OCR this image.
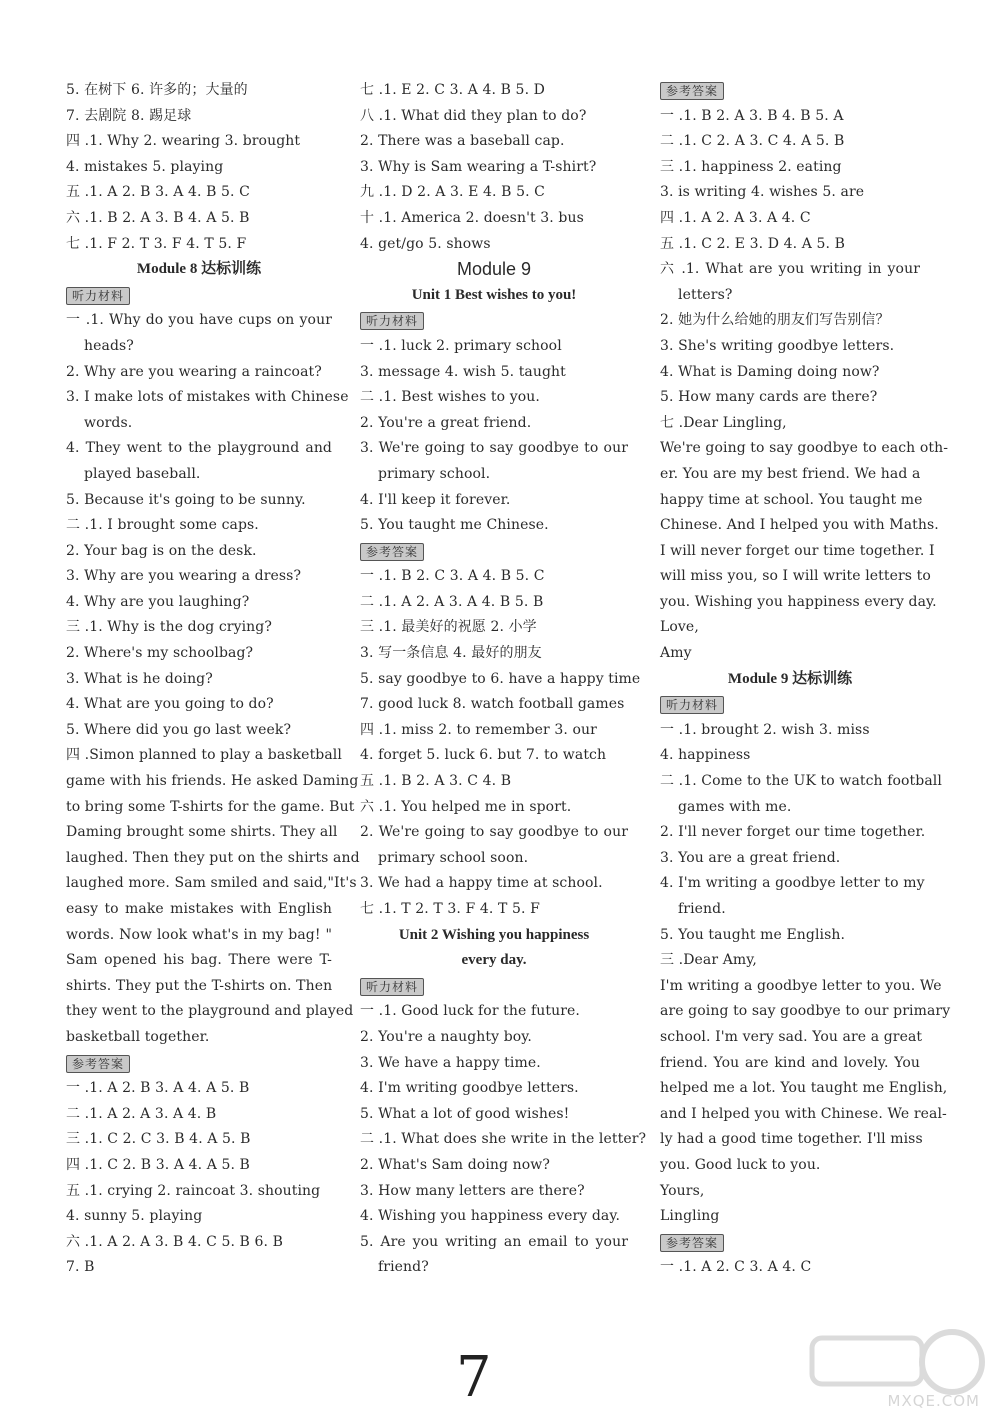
5. 在树下 6. 许多的；大量的
7. 去剧院 8. 踢足球
四 .1. Why 2. wearing 3. brought
4. mistakes 5. playing
五 .1. A 2. B 3. A 4. B 5. C
六 .1. B 2. A 3. B 4. A 5. B
七 .1. F 2. T 3. F 4. T 5. F
Module 8 达标训练
听力材料
一 .1. Why do you have cups on your
heads?
2. Why are you wearing a raincoat?
3. I make lots of mistakes with Chinese
words.
4. They went to the playground and
played baseball.
5. Because it's going to be sunny.
二 .1. I brought some caps.
2. Your bag is on the desk.
3. Why are you wearing a dress?
4. Why are you laughing?
三 .1. Why is the dog crying?
2. Where's my schoolbag?
3. What is he doing?
4. What are you going to do?
5. Where did you go last week?
四 .Simon planned to play a basketball
game with his friends. He asked Daming
to bring some T-shirts for the game. But
Daming brought some shirts. They all
laughed. Then they put on the shirts and
laughed more. Sam smiled and said,"It's
easy to make mistakes with English
words. Now look what's in my bag! "
Sam opened his bag. There were T-
shirts. They put the T-shirts on. Then
they went to the playground and played
basketball together.
参考答案
一 .1. A 2. B 3. A 4. A 5. B
二 .1. A 2. A 3. A 4. B
三 .1. C 2. C 3. B 4. A 5. B
四 .1. C 2. B 3. A 4. A 5. B
五 .1. crying 2. raincoat 3. shouting
4. sunny 5. playing
六 .1. A 2. A 3. B 4. C 5. B 6. B
7. B
七 .1. E 2. C 3. A 4. B 5. D
八 .1. What did they plan to do?
2. There was a baseball cap.
3. Why is Sam wearing a T-shirt?
九 .1. D 2. A 3. E 4. B 5. C
十 .1. America 2. doesn't 3. bus
4. get/go 5. shows
Module 9
Unit 1 Best wishes to you!
听力材料
一 .1. luck 2. primary school
3. message 4. wish 5. taught
二 .1. Best wishes to you.
2. You're a great friend.
3. We're going to say goodbye to our
primary school.
4. I'll keep it forever.
5. You taught me Chinese.
参考答案
一 .1. B 2. C 3. A 4. B 5. C
二 .1. A 2. A 3. A 4. B 5. B
三 .1. 最美好的祝愿 2. 小学
3. 写一条信息 4. 最好的朋友
5. say goodbye to 6. have a happy time
7. good luck 8. watch football games
四 .1. miss 2. to remember 3. our
4. forget 5. luck 6. but 7. to watch
五 .1. B 2. A 3. C 4. B
六 .1. You helped me in sport.
2. We're going to say goodbye to our
primary school soon.
3. We had a happy time at school.
七 .1. T 2. T 3. F 4. T 5. F
Unit 2 Wishing you happiness
every day.
听力材料
一 .1. Good luck for the future.
2. You're a naughty boy.
3. We have a happy time.
4. I'm writing goodbye letters.
5. What a lot of good wishes!
二 .1. What does she write in the letter?
2. What's Sam doing now?
3. How many letters are there?
4. Wishing you happiness every day.
5. Are you writing an email to your
friend?
参考答案
一 .1. B 2. A 3. B 4. B 5. A
二 .1. C 2. A 3. C 4. A 5. B
三 .1. happiness 2. eating
3. is writing 4. wishes 5. are
四 .1. A 2. A 3. A 4. C
五 .1. C 2. E 3. D 4. A 5. B
六 .1. What are you writing in your
letters?
2. 她为什么给她的朋友们写告别信？
3. She's writing goodbye letters.
4. What is Daming doing now?
5. How many cards are there?
七 .Dear Lingling,
We're going to say goodbye to each oth-
er. You are my best friend. We had a
happy time at school. You taught me
Chinese. And I helped you with Maths.
I will never forget our time together. I
will miss you, so I will write letters to
you. Wishing you happiness every day.
Love,
Amy
Module 9 达标训练
听力材料
一 .1. brought 2. wish 3. miss
4. happiness
二 .1. Come to the UK to watch football
games with me.
2. I'll never forget our time together.
3. You are a great friend.
4. I'm writing a goodbye letter to my
friend.
5. You taught me English.
三 .Dear Amy,
I'm writing a goodbye letter to you. We
are going to say goodbye to our primary
school. I'm very sad. You are a great
friend. You are kind and lovely. You
helped me a lot. You taught me English,
and I helped you with Chinese. We real-
ly had a good time together. I'll miss
you. Good luck to you.
Yours,
Lingling
参考答案
一 .1. A 2. C 3. A 4. C
7	MXQE.COM
